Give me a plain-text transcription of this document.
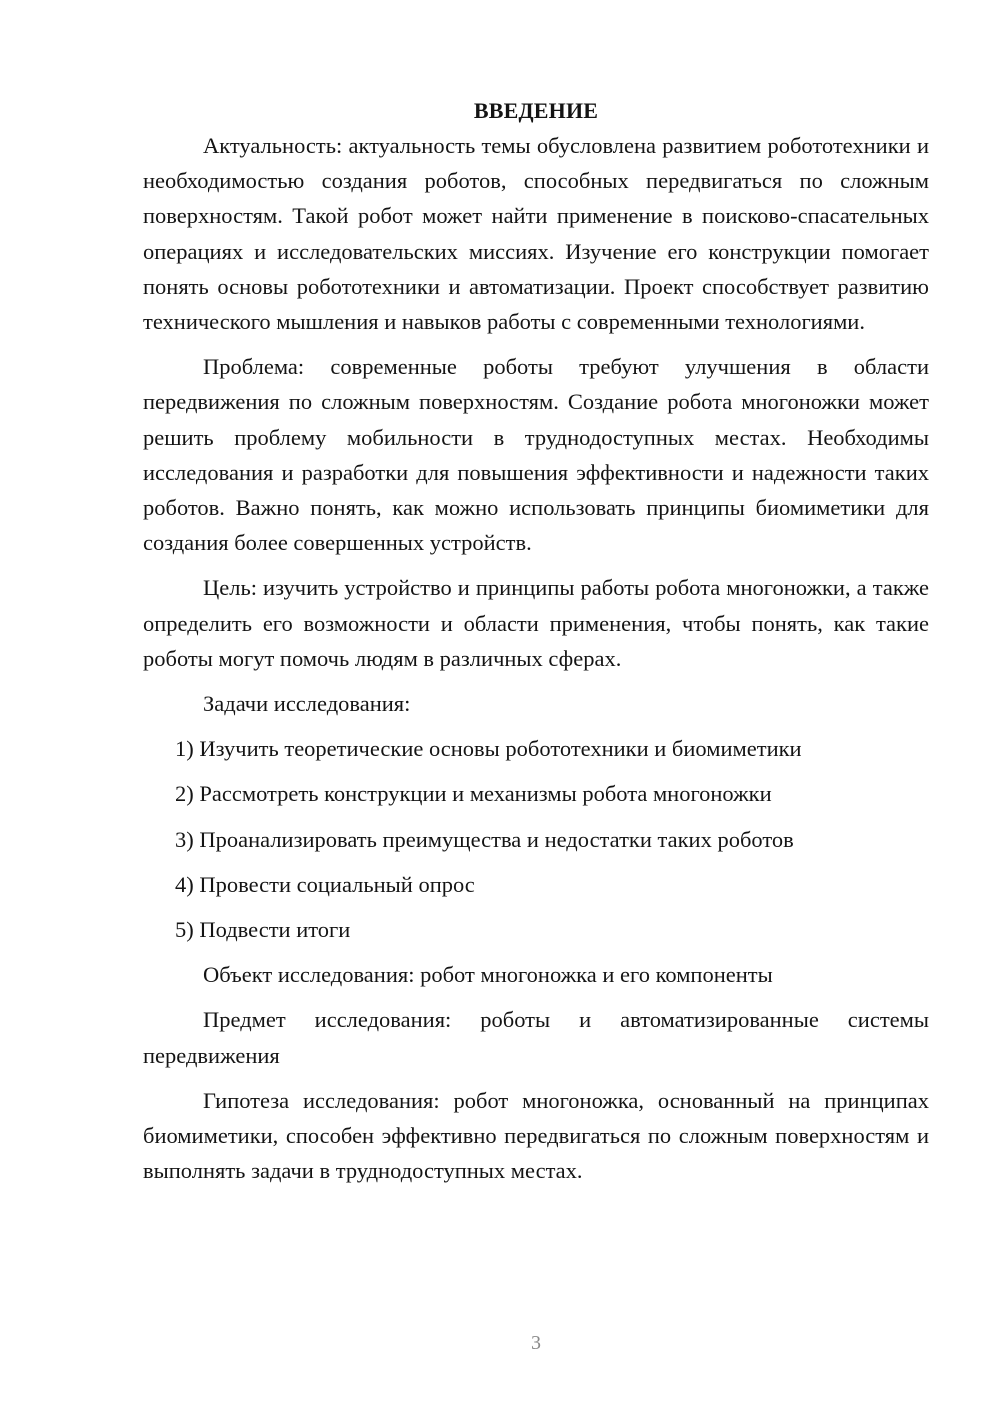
ВВЕДЕНИЕ

Актуальность: актуальность темы обусловлена развитием робототехники и необходимостью создания роботов, способных передвигаться по сложным поверхностям. Такой робот может найти применение в поисково-спасательных операциях и исследовательских миссиях. Изучение его конструкции помогает понять основы робототехники и автоматизации. Проект способствует развитию технического мышления и навыков работы с современными технологиями.

Проблема: современные роботы требуют улучшения в области передвижения по сложным поверхностям. Создание робота многоножки может решить проблему мобильности в труднодоступных местах. Необходимы исследования и разработки для повышения эффективности и надежности таких роботов. Важно понять, как можно использовать принципы биомиметики для создания более совершенных устройств.

Цель: изучить устройство и принципы работы робота многоножки, а также определить его возможности и области применения, чтобы понять, как такие роботы могут помочь людям в различных сферах.

Задачи исследования:
1) Изучить теоретические основы робототехники и биомиметики
2) Рассмотреть конструкции и механизмы робота многоножки
3) Проанализировать преимущества и недостатки таких роботов
4) Провести социальный опрос
5) Подвести итоги

Объект исследования: робот многоножка и его компоненты

Предмет исследования: роботы и автоматизированные системы передвижения

Гипотеза исследования: робот многоножка, основанный на принципах биомиметики, способен эффективно передвигаться по сложным поверхностям и выполнять задачи в труднодоступных местах.

3
